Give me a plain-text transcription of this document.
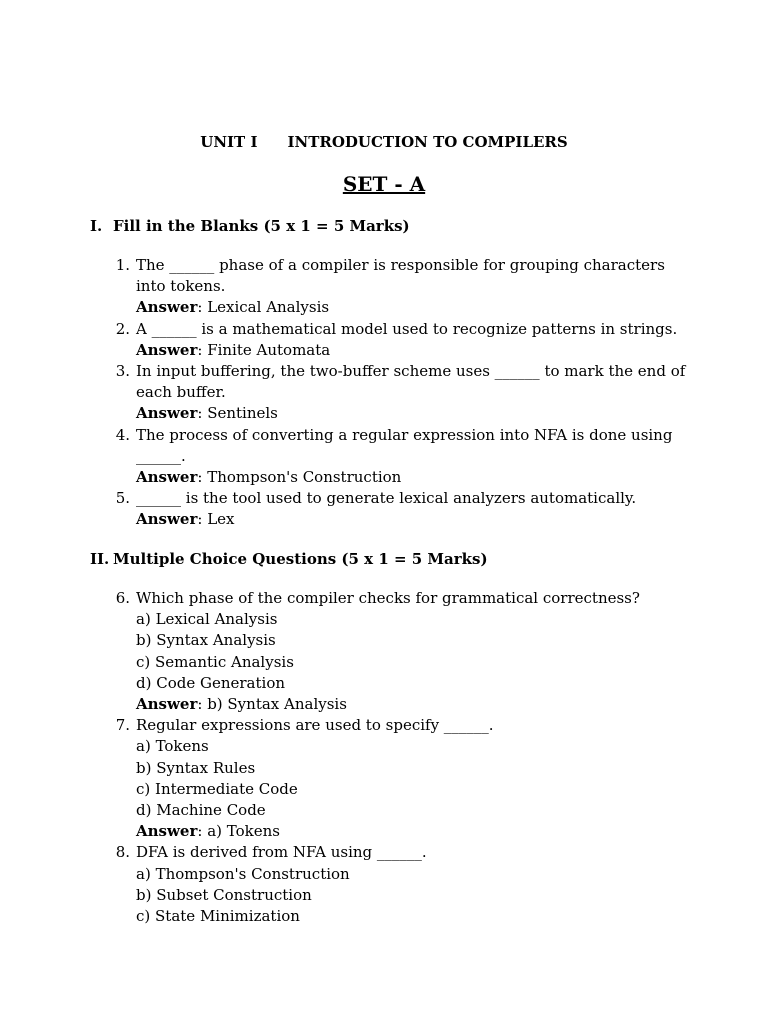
UNIT I INTRODUCTION TO COMPILERS
SET - A
I. Fill in the Blanks (5 x 1 = 5 Marks)
1. The ______ phase of a compiler is responsible for grouping characters
into tokens.
Answer: Lexical Analysis
2. A ______ is a mathematical model used to recognize patterns in strings.
Answer: Finite Automata
3. In input buffering, the two-buffer scheme uses ______ to mark the end of
each buffer.
Answer: Sentinels
4. The process of converting a regular expression into NFA is done using
______.
Answer: Thompson's Construction
5. ______ is the tool used to generate lexical analyzers automatically.
Answer: Lex
II. Multiple Choice Questions (5 x 1 = 5 Marks)
6. Which phase of the compiler checks for grammatical correctness?
a) Lexical Analysis
b) Syntax Analysis
c) Semantic Analysis
d) Code Generation
Answer: b) Syntax Analysis
7. Regular expressions are used to specify ______.
a) Tokens
b) Syntax Rules
c) Intermediate Code
d) Machine Code
Answer: a) Tokens
8. DFA is derived from NFA using ______.
a) Thompson's Construction
b) Subset Construction
c) State Minimization
